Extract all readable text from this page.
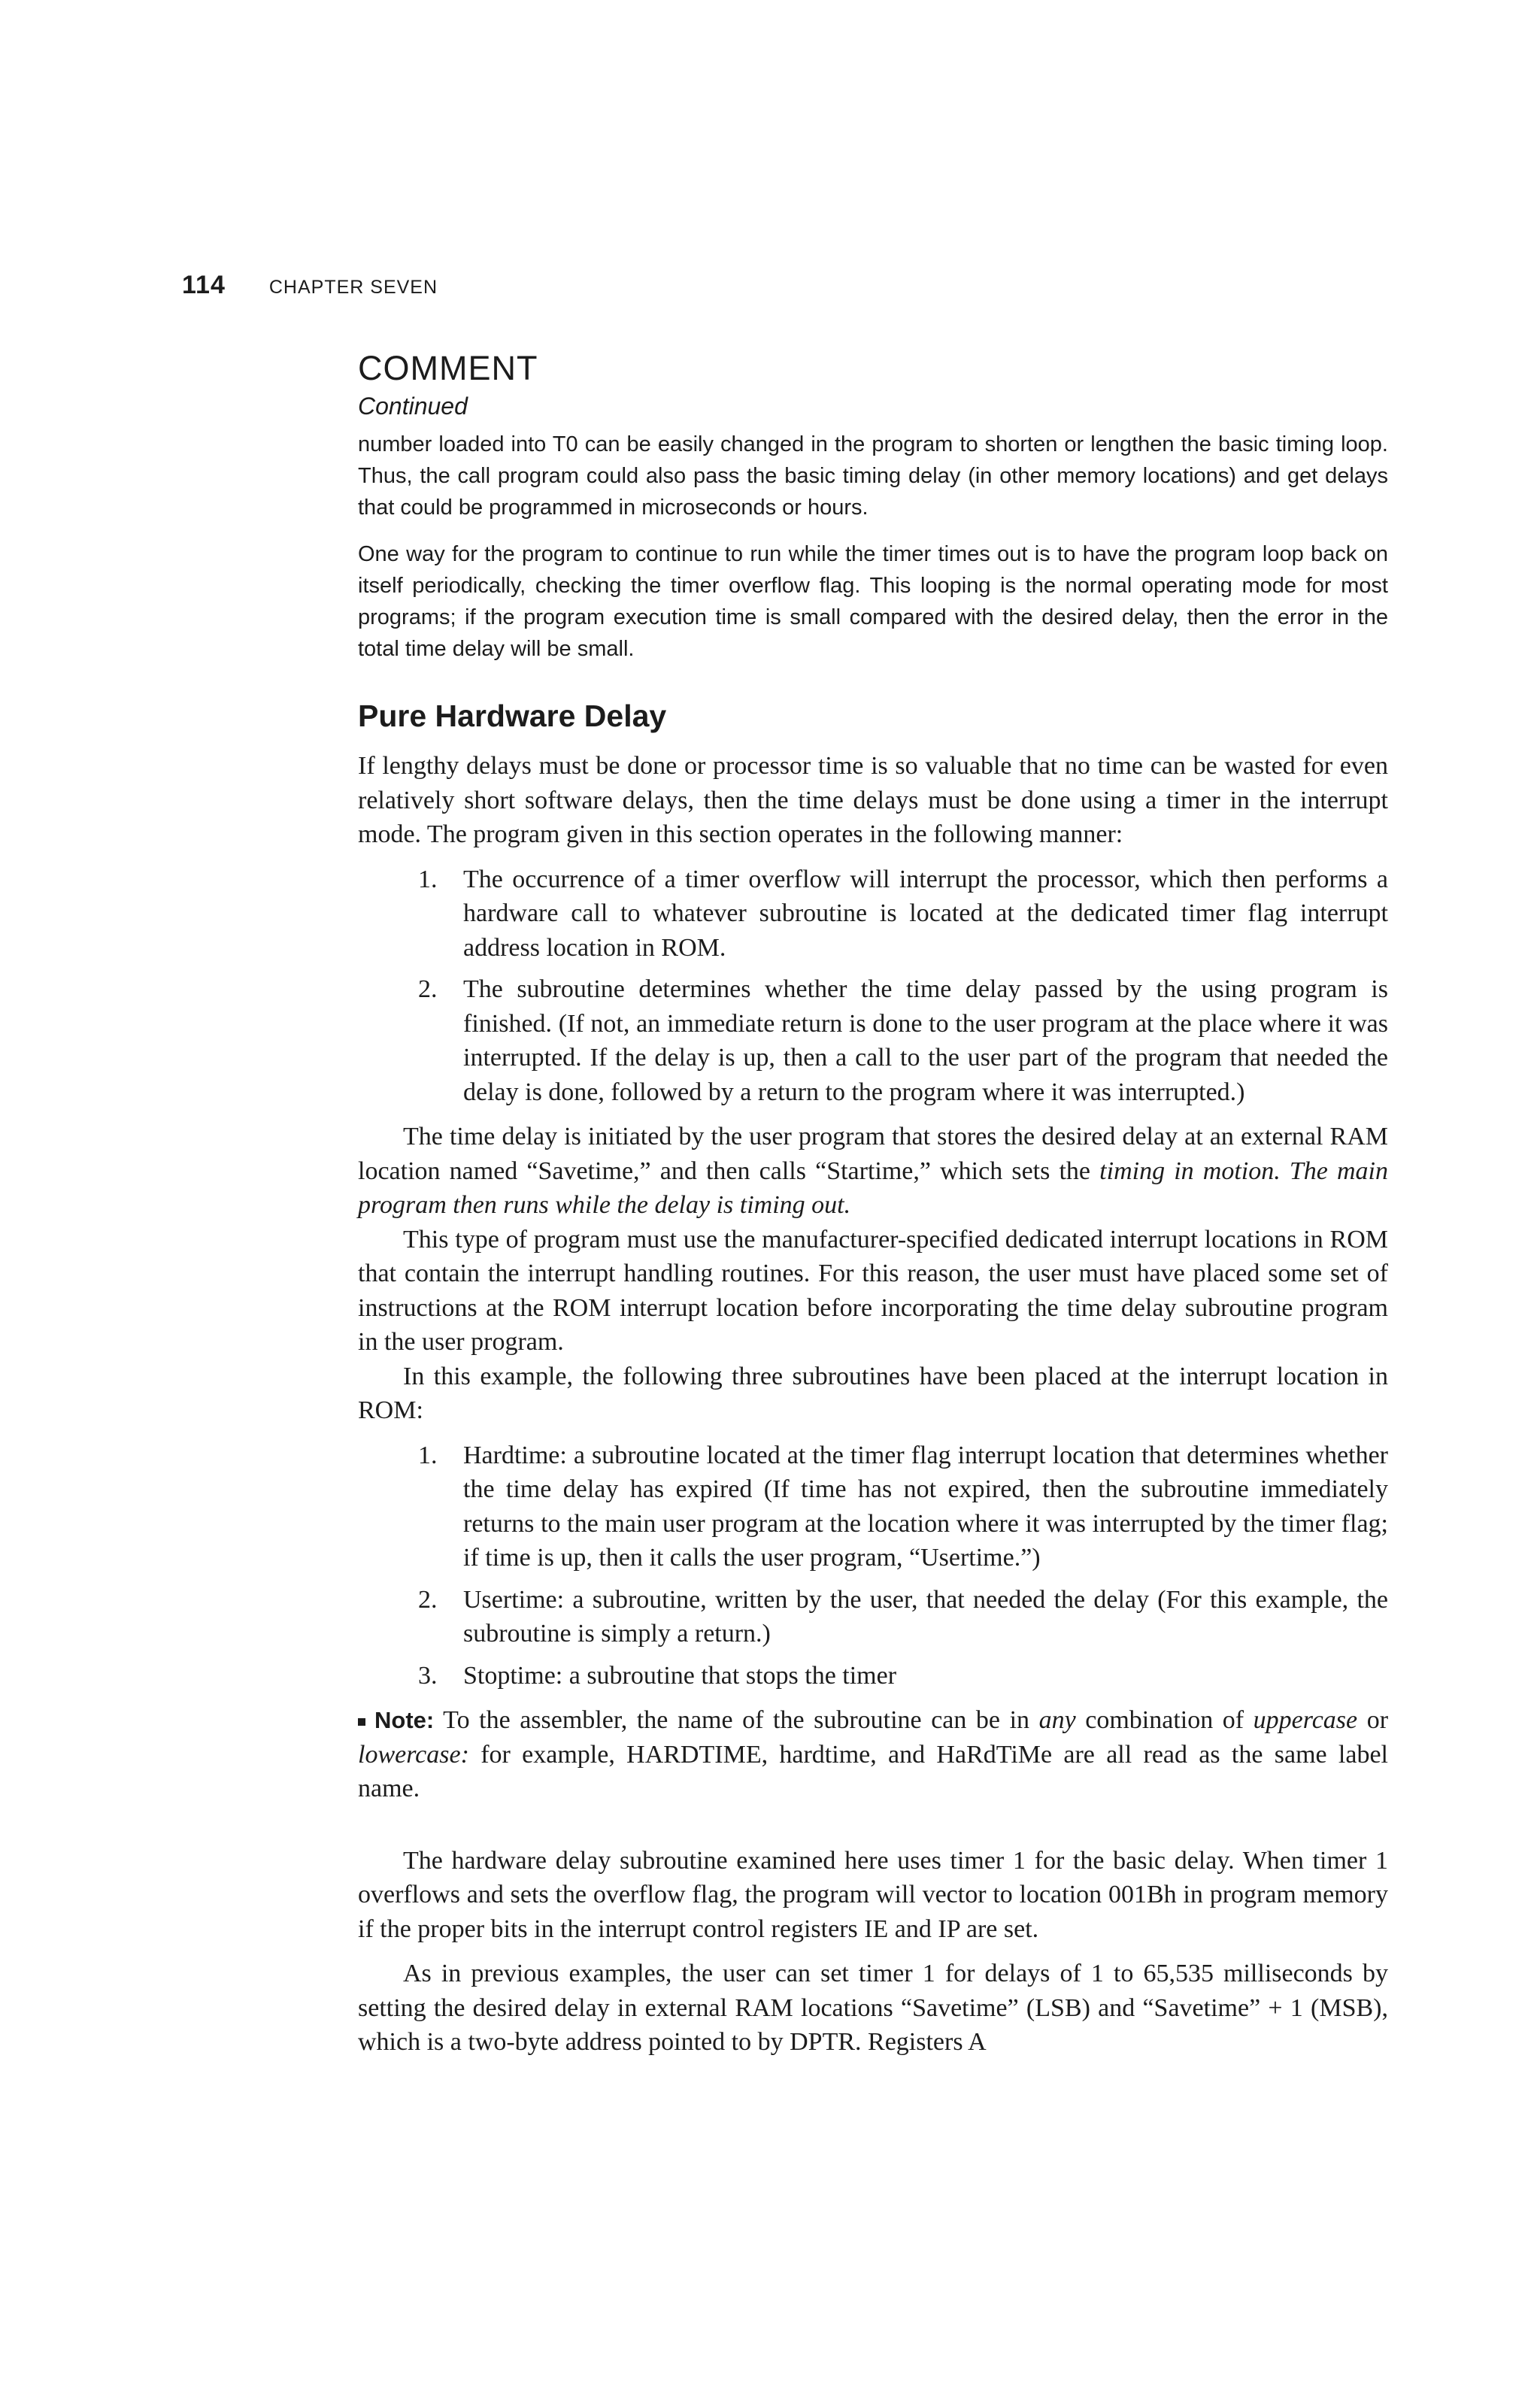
114 CHAPTER SEVEN
COMMENT
Continued

number loaded into T0 can be easily changed in the program to shorten or lengthen the basic timing loop. Thus, the call program could also pass the basic timing delay (in other memory locations) and get delays that could be programmed in microseconds or hours.

One way for the program to continue to run while the timer times out is to have the program loop back on itself periodically, checking the timer overflow flag. This looping is the normal operating mode for most programs; if the program execution time is small compared with the desired delay, then the error in the total time delay will be small.

Pure Hardware Delay

If lengthy delays must be done or processor time is so valuable that no time can be wasted for even relatively short software delays, then the time delays must be done using a timer in the interrupt mode. The program given in this section operates in the following manner:

1.	The occurrence of a timer overflow will interrupt the processor, which then performs a hardware call to whatever subroutine is located at the dedicated timer flag interrupt address location in ROM.
2.	The subroutine determines whether the time delay passed by the using program is finished. (If not, an immediate return is done to the user program at the place where it was interrupted. If the delay is up, then a call to the user part of the program that needed the delay is done, followed by a return to the program where it was interrupted.)

The time delay is initiated by the user program that stores the desired delay at an external RAM location named “Savetime,” and then calls “Startime,” which sets the timing in motion. The main program then runs while the delay is timing out.

This type of program must use the manufacturer-specified dedicated interrupt locations in ROM that contain the interrupt handling routines. For this reason, the user must have placed some set of instructions at the ROM interrupt location before incorporating the time delay subroutine program in the user program.

In this example, the following three subroutines have been placed at the interrupt location in ROM:

1.	Hardtime: a subroutine located at the timer flag interrupt location that determines whether the time delay has expired (If time has not expired, then the subroutine immediately returns to the main user program at the location where it was interrupted by the timer flag; if time is up, then it calls the user program, “Usertime.”)
2.	Usertime: a subroutine, written by the user, that needed the delay (For this example, the subroutine is simply a return.)
3.	Stoptime: a subroutine that stops the timer

Note: To the assembler, the name of the subroutine can be in any combination of uppercase or lowercase: for example, HARDTIME, hardtime, and HaRdTiMe are all read as the same label name.

The hardware delay subroutine examined here uses timer 1 for the basic delay. When timer 1 overflows and sets the overflow flag, the program will vector to location 001Bh in program memory if the proper bits in the interrupt control registers IE and IP are set.

As in previous examples, the user can set timer 1 for delays of 1 to 65,535 milliseconds by setting the desired delay in external RAM locations “Savetime” (LSB) and “Savetime” + 1 (MSB), which is a two-byte address pointed to by DPTR. Registers A
